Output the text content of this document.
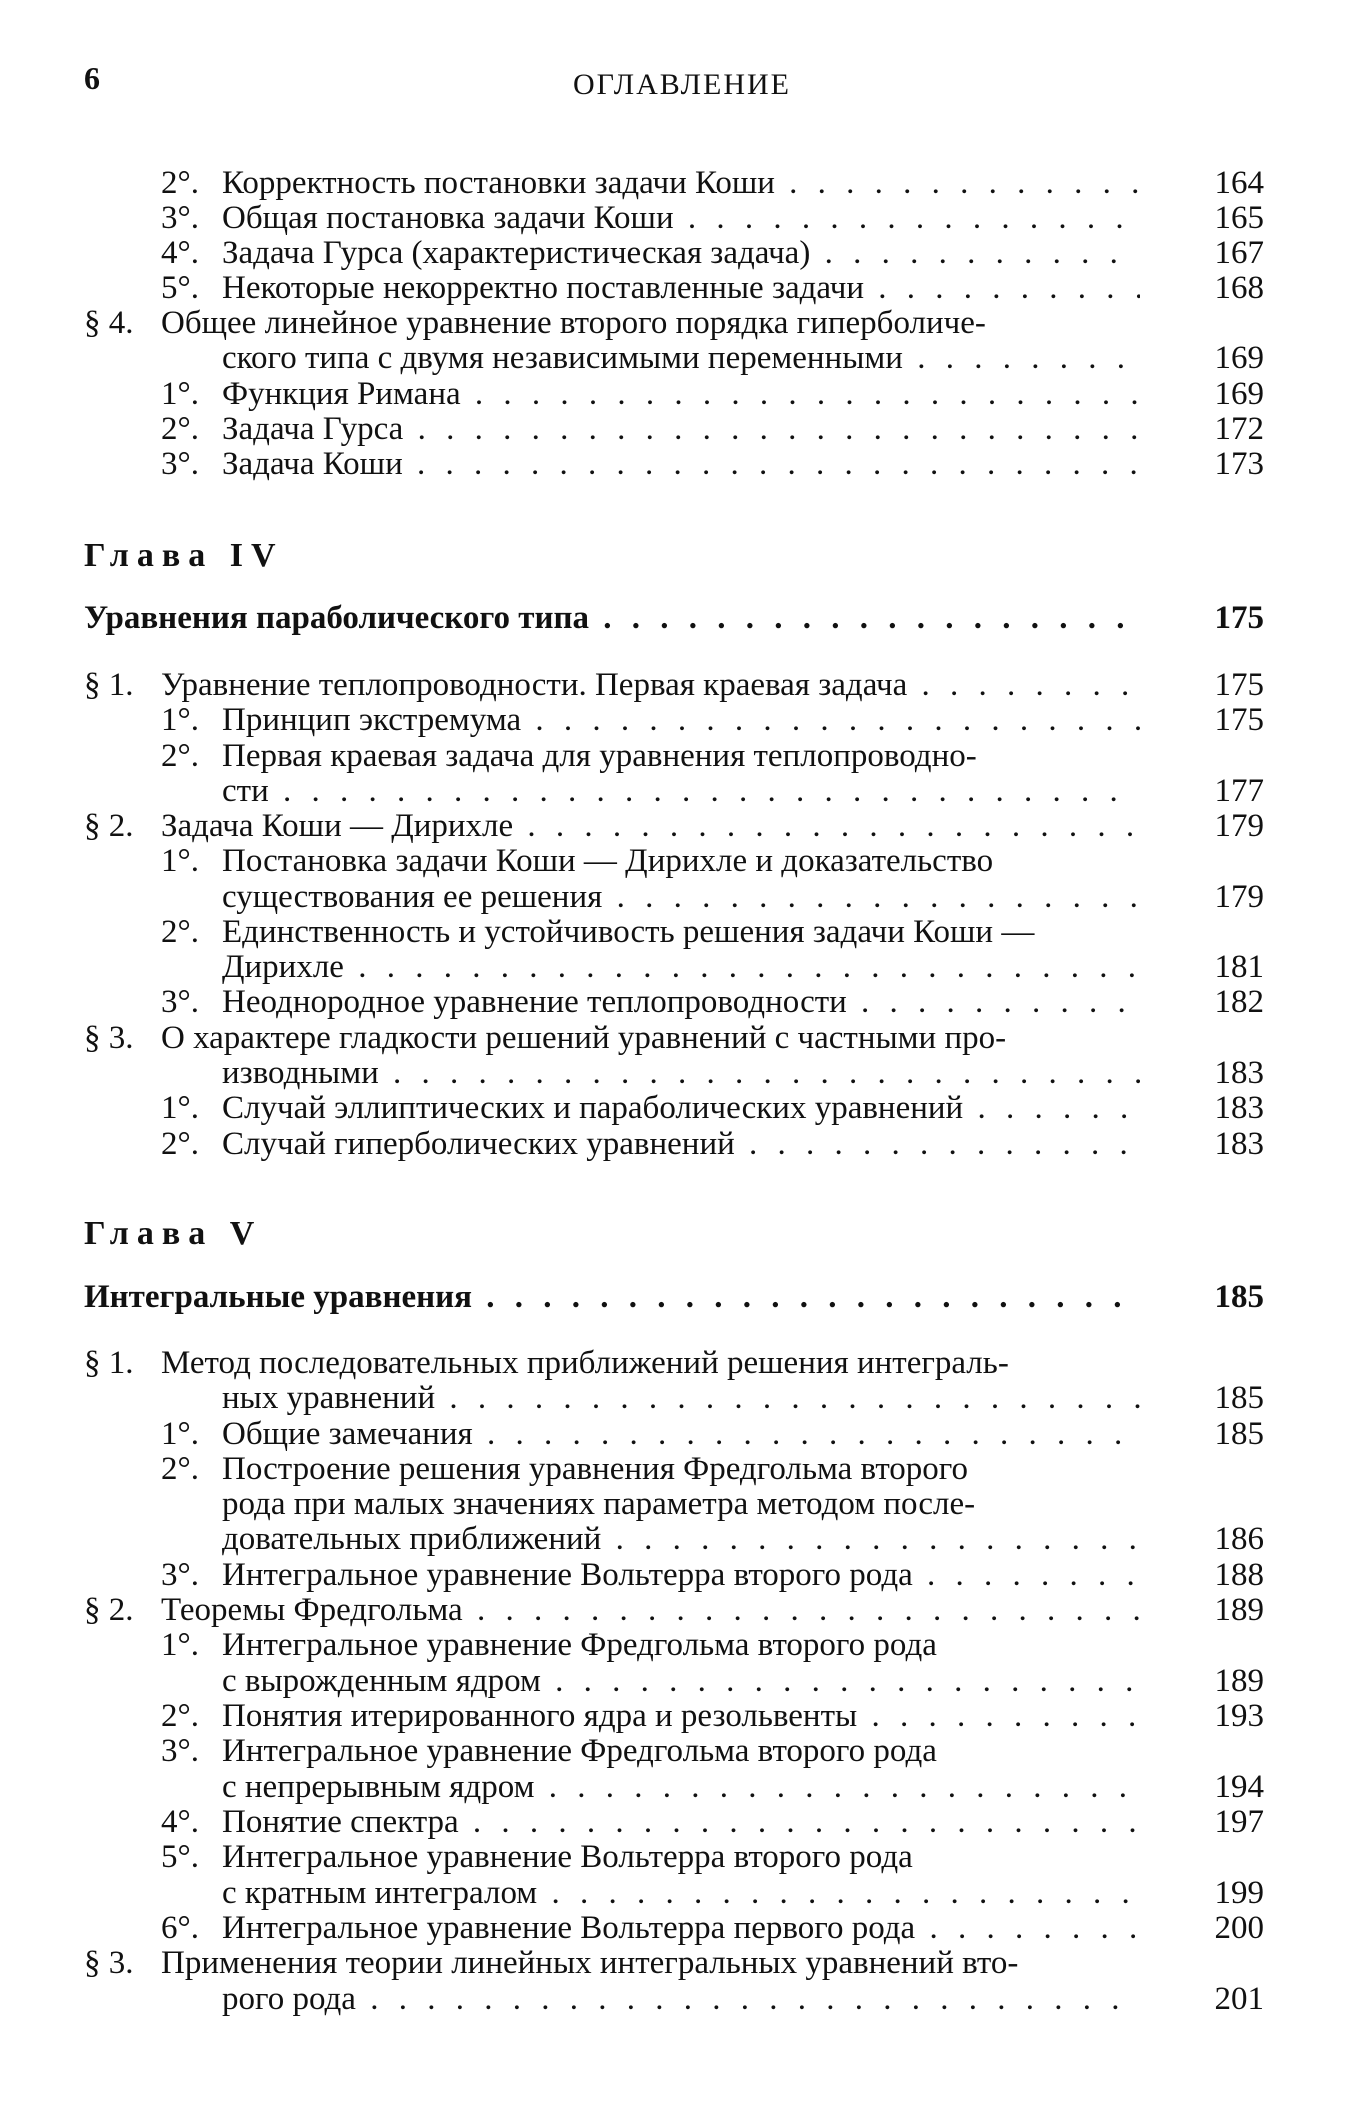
6	ОГЛАВЛЕНИЕ
2°. Корректность постановки задачи Коши . . .	164
3°. Общая постановка задачи Коши . . .	165
4°. Задача Гурса (характеристическая задача) . . .	167
5°. Некоторые некорректно поставленные задачи . . .	168
§ 4. Общее линейное уравнение второго порядка гиперболиче-
ского типа с двумя независимыми переменными . . .	169
1°. Функция Римана . . .	169
2°. Задача Гурса . . .	172
3°. Задача Коши . . .	173
Глава IV
Уравнения параболического типа . . .	175
§ 1. Уравнение теплопроводности. Первая краевая задача . . .	175
1°. Принцип экстремума . . .	175
2°. Первая краевая задача для уравнения теплопроводно-
сти . . .	177
§ 2. Задача Коши — Дирихле . . .	179
1°. Постановка задачи Коши — Дирихле и доказательство
существования ее решения . . .	179
2°. Единственность и устойчивость решения задачи Коши —
Дирихле . . .	181
3°. Неоднородное уравнение теплопроводности . . .	182
§ 3. О характере гладкости решений уравнений с частными про-
изводными . . .	183
1°. Случай эллиптических и параболических уравнений . . .	183
2°. Случай гиперболических уравнений . . .	183
Глава V
Интегральные уравнения . . .	185
§ 1. Метод последовательных приближений решения интеграль-
ных уравнений . . .	185
1°. Общие замечания . . .	185
2°. Построение решения уравнения Фредгольма второго
рода при малых значениях параметра методом после-
довательных приближений . . .	186
3°. Интегральное уравнение Вольтерра второго рода . . .	188
§ 2. Теоремы Фредгольма . . .	189
1°. Интегральное уравнение Фредгольма второго рода
с вырожденным ядром . . .	189
2°. Понятия итерированного ядра и резольвенты . . .	193
3°. Интегральное уравнение Фредгольма второго рода
с непрерывным ядром . . .	194
4°. Понятие спектра . . .	197
5°. Интегральное уравнение Вольтерра второго рода
с кратным интегралом . . .	199
6°. Интегральное уравнение Вольтерра первого рода . . .	200
§ 3. Применения теории линейных интегральных уравнений вто-
рого рода . . .	201
